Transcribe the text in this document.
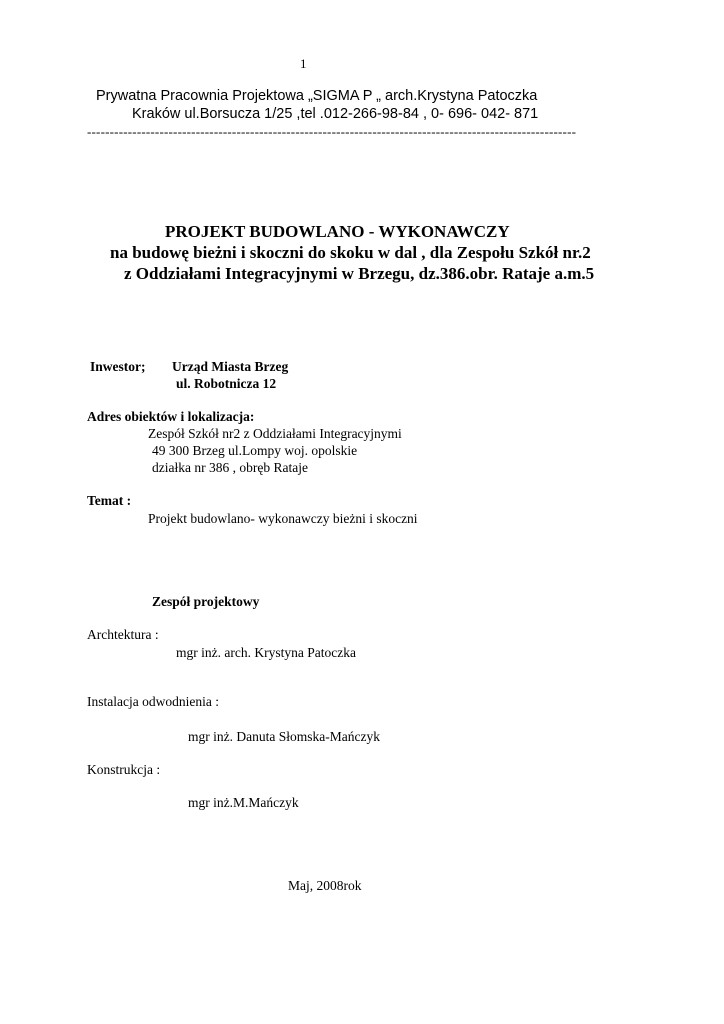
1
Prywatna Pracownia Projektowa „SIGMA P „ arch.Krystyna Patoczka
Kraków ul.Borsucza 1/25 ,tel .012-266-98-84 , 0- 696- 042- 871
------------------------------------------------------------------------------------------------------------
PROJEKT BUDOWLANO - WYKONAWCZY
na budowę bieżni i skoczni do skoku w dal , dla Zespołu Szkół nr.2
z Oddziałami Integracyjnymi w Brzegu, dz.386.obr. Rataje a.m.5
Inwestor; Urząd Miasta Brzeg
ul. Robotnicza 12
Adres obiektów i lokalizacja:
Zespół Szkół nr2 z Oddziałami Integracyjnymi
49 300 Brzeg ul.Lompy woj. opolskie
działka nr 386 , obręb Rataje
Temat :
Projekt budowlano- wykonawczy bieżni i skoczni
Zespół projektowy
Archtektura :
mgr inż. arch. Krystyna Patoczka
Instalacja odwodnienia :
mgr inż. Danuta Słomska-Mańczyk
Konstrukcja :
mgr inż.M.Mańczyk
Maj, 2008rok
